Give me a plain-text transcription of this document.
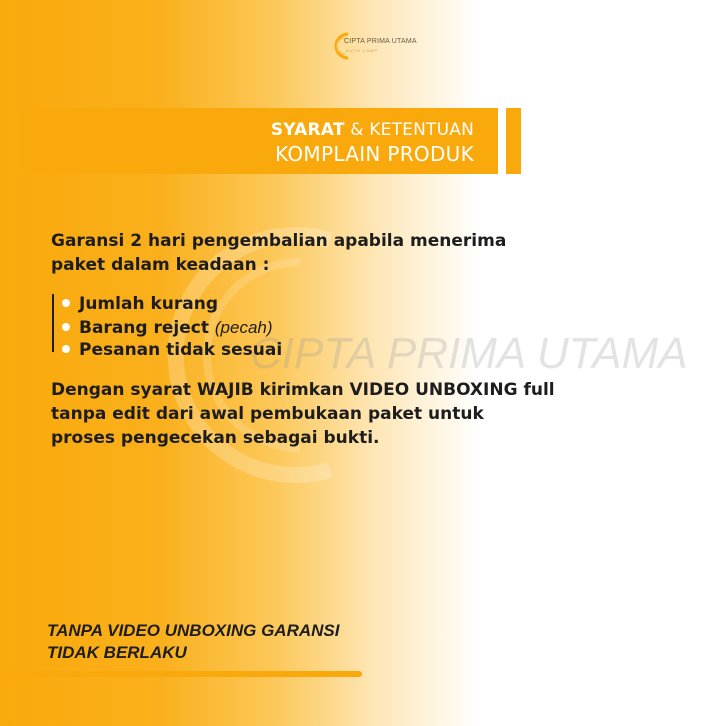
CIPTA PRIMA UTAMA
CIPTA PRIMA UTAMA
AUTO LAMP
SYARAT & KETENTUAN
KOMPLAIN PRODUK
Garansi 2 hari pengembalian apabila menerima
paket dalam keadaan :
Jumlah kurang
Barang reject (pecah)
Pesanan tidak sesuai
Dengan syarat WAJIB kirimkan VIDEO UNBOXING full
tanpa edit dari awal pembukaan paket untuk
proses pengecekan sebagai bukti.
TANPA VIDEO UNBOXING GARANSI
TIDAK BERLAKU
